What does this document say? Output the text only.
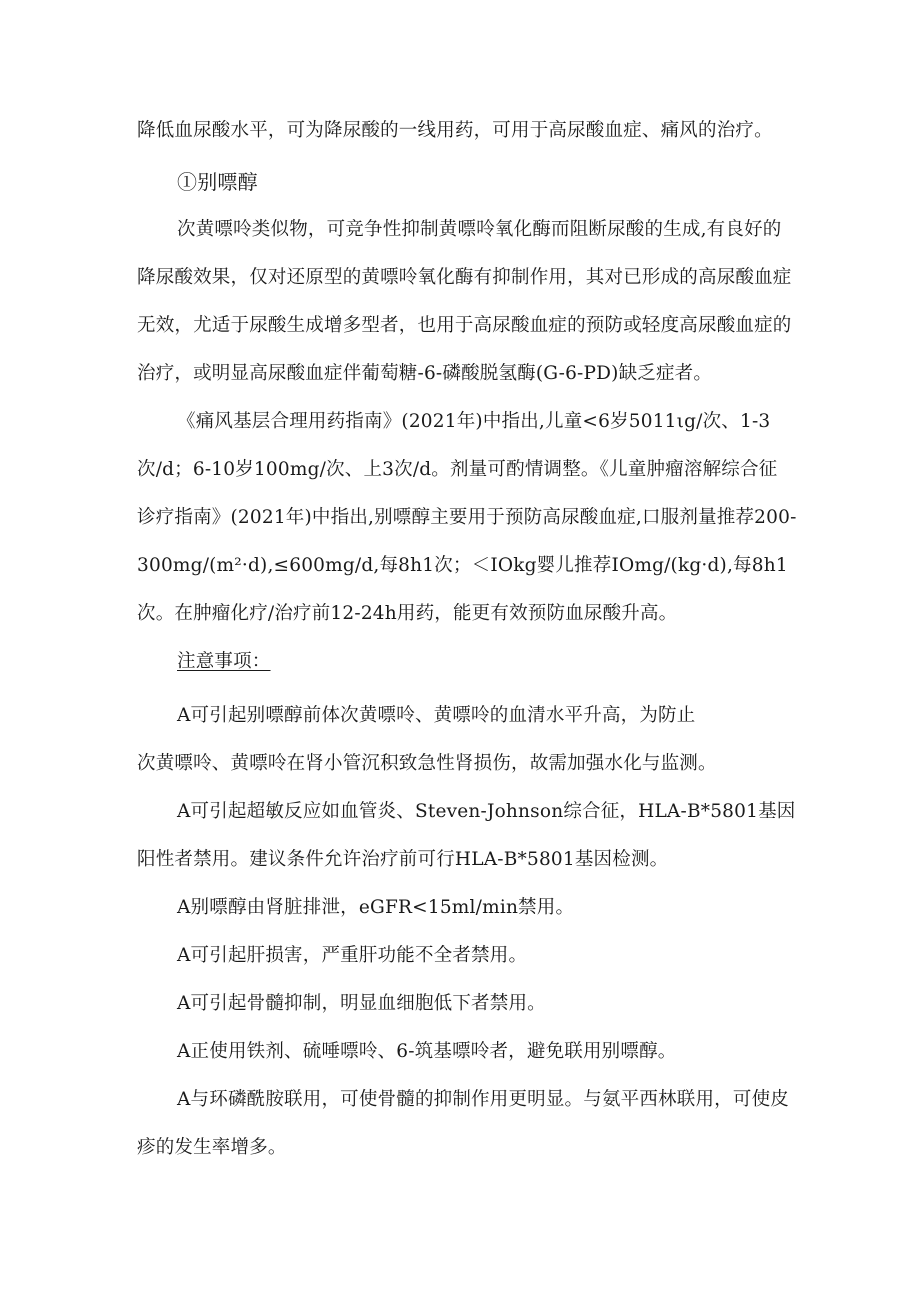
降低血尿酸水平，可为降尿酸的一线用药，可用于高尿酸血症、痛风的治疗。
①别嘌醇
次黄嘌呤类似物，可竞争性抑制黄嘌呤氧化酶而阻断尿酸的生成,有良好的
降尿酸效果，仅对还原型的黄嘌呤氧化酶有抑制作用，其对已形成的高尿酸血症
无效，尤适于尿酸生成增多型者，也用于高尿酸血症的预防或轻度高尿酸血症的
治疗，或明显高尿酸血症伴葡萄糖-6-磷酸脱氢酶(G-6-PD)缺乏症者。
《痛风基层合理用药指南》(2021年)中指出,儿童<6岁5011ιg/次、1-3
次/d；6-10岁100mg/次、上3次/d。剂量可酌情调整。《儿童肿瘤溶解综合征
诊疗指南》(2021年)中指出,别嘌醇主要用于预防高尿酸血症,口服剂量推荐200-
300mg/(m²·d),≤600mg/d,每8h1次；＜IOkg婴儿推荐IOmg/(kg·d),每8h1
次。在肿瘤化疗/治疗前12-24h用药，能更有效预防血尿酸升高。
注意事项：
A可引起别嘌醇前体次黄嘌呤、黄嘌呤的血清水平升高，为防止
次黄嘌呤、黄嘌呤在肾小管沉积致急性肾损伤，故需加强水化与监测。
A可引起超敏反应如血管炎、Steven-Johnson综合征，HLA-B*5801基因
阳性者禁用。建议条件允许治疗前可行HLA-B*5801基因检测。
A别嘌醇由肾脏排泄，eGFR<15ml/min禁用。
A可引起肝损害，严重肝功能不全者禁用。
A可引起骨髓抑制，明显血细胞低下者禁用。
A正使用铁剂、硫唾嘌呤、6-筑基嘌呤者，避免联用别嘌醇。
A与环磷酰胺联用，可使骨髓的抑制作用更明显。与氨平西林联用，可使皮
疹的发生率增多。
